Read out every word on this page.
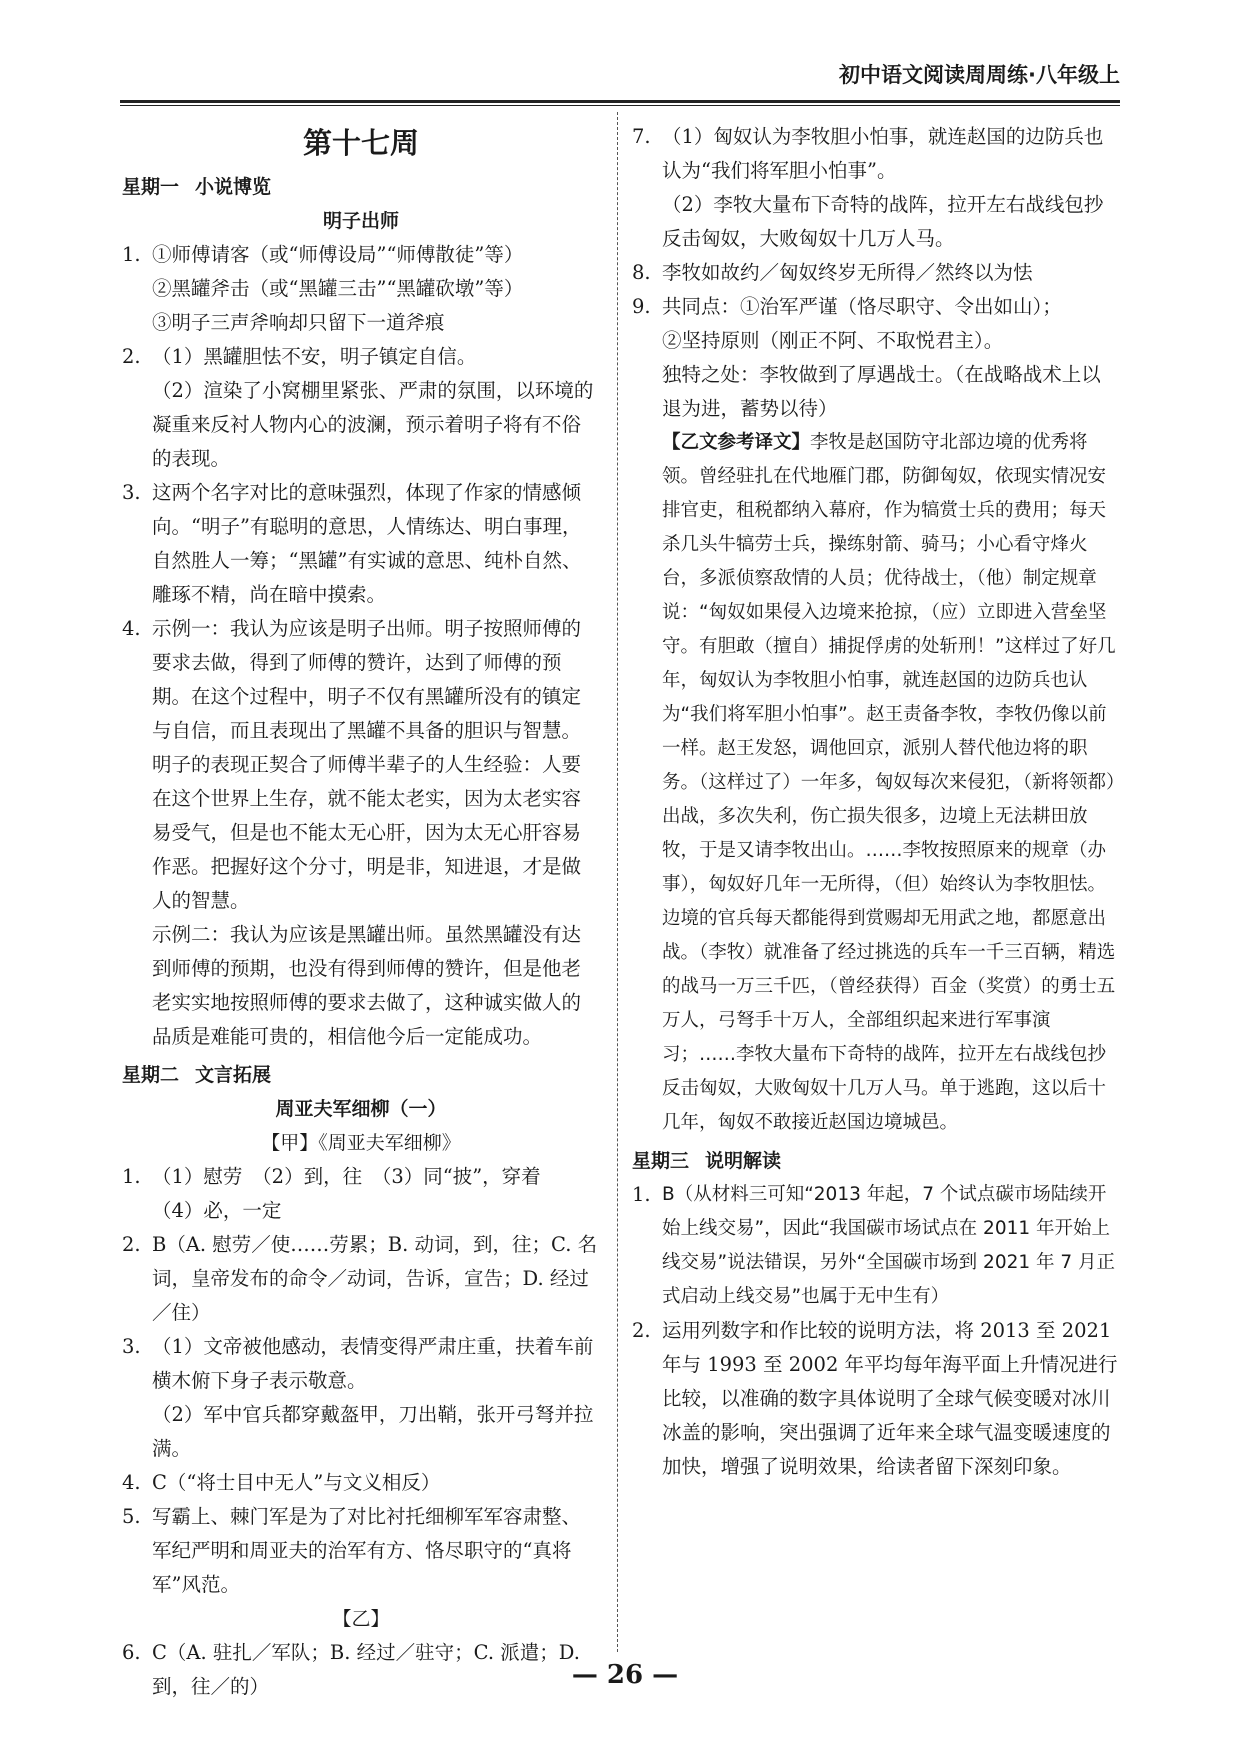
初中语文阅读周周练·八年级上
第十七周
星期一 小说博览
明子出师
1. ①师傅请客（或“师傅设局”“师傅散徒”等）
②黑罐斧击（或“黑罐三击”“黑罐砍墩”等）
③明子三声斧响却只留下一道斧痕
2. （1）黑罐胆怯不安，明子镇定自信。
（2）渲染了小窝棚里紧张、严肃的氛围，以环境的凝重来反衬人物内心的波澜，预示着明子将有不俗的表现。
3. 这两个名字对比的意味强烈，体现了作家的情感倾向。“明子”有聪明的意思，人情练达、明白事理，自然胜人一筹；“黑罐”有实诚的意思、纯朴自然、雕琢不精，尚在暗中摸索。
4. 示例一：我认为应该是明子出师。明子按照师傅的要求去做，得到了师傅的赞许，达到了师傅的预期。在这个过程中，明子不仅有黑罐所没有的镇定与自信，而且表现出了黑罐不具备的胆识与智慧。明子的表现正契合了师傅半辈子的人生经验：人要在这个世界上生存，就不能太老实，因为太老实容易受气，但是也不能太无心肝，因为太无心肝容易作恶。把握好这个分寸，明是非，知进退，才是做人的智慧。
示例二：我认为应该是黑罐出师。虽然黑罐没有达到师傅的预期，也没有得到师傅的赞许，但是他老老实实地按照师傅的要求去做了，这种诚实做人的品质是难能可贵的，相信他今后一定能成功。
星期二 文言拓展
周亚夫军细柳（一）
【甲】《周亚夫军细柳》
1. （1）慰劳　（2）到，往　（3）同“披”，穿着
（4）必，一定
2. B（A. 慰劳／使……劳累；B. 动词，到，往；C. 名词，皇帝发布的命令／动词，告诉，宣告；D. 经过／住）
3. （1）文帝被他感动，表情变得严肃庄重，扶着车前横木俯下身子表示敬意。
（2）军中官兵都穿戴盔甲，刀出鞘，张开弓弩并拉满。
4. C（“将士目中无人”与文义相反）
5. 写霸上、棘门军是为了对比衬托细柳军军容肃整、军纪严明和周亚夫的治军有方、恪尽职守的“真将军”风范。
【乙】
6. C（A. 驻扎／军队；B. 经过／驻守；C. 派遣；D. 到，往／的）
7. （1）匈奴认为李牧胆小怕事，就连赵国的边防兵也认为“我们将军胆小怕事”。
（2）李牧大量布下奇特的战阵，拉开左右战线包抄反击匈奴，大败匈奴十几万人马。
8. 李牧如故约／匈奴终岁无所得／然终以为怯
9. 共同点：①治军严谨（恪尽职守、令出如山）；
②坚持原则（刚正不阿、不取悦君主）。
独特之处：李牧做到了厚遇战士。（在战略战术上以退为进，蓄势以待）
【乙文参考译文】李牧是赵国防守北部边境的优秀将领。曾经驻扎在代地雁门郡，防御匈奴，依现实情况安排官吏，租税都纳入幕府，作为犒赏士兵的费用；每天杀几头牛犒劳士兵，操练射箭、骑马；小心看守烽火台，多派侦察敌情的人员；优待战士，（他）制定规章说：“匈奴如果侵入边境来抢掠，（应）立即进入营垒坚守。有胆敢（擅自）捕捉俘虏的处斩刑！”这样过了好几年，匈奴认为李牧胆小怕事，就连赵国的边防兵也认为“我们将军胆小怕事”。赵王责备李牧，李牧仍像以前一样。赵王发怒，调他回京，派别人替代他边将的职务。（这样过了）一年多，匈奴每次来侵犯，（新将领都）出战，多次失利，伤亡损失很多，边境上无法耕田放牧，于是又请李牧出山。……李牧按照原来的规章（办事），匈奴好几年一无所得，（但）始终认为李牧胆怯。边境的官兵每天都能得到赏赐却无用武之地，都愿意出战。（李牧）就准备了经过挑选的兵车一千三百辆，精选的战马一万三千匹，（曾经获得）百金（奖赏）的勇士五万人，弓弩手十万人，全部组织起来进行军事演习；……李牧大量布下奇特的战阵，拉开左右战线包抄反击匈奴，大败匈奴十几万人马。单于逃跑，这以后十几年，匈奴不敢接近赵国边境城邑。
星期三 说明解读
1. B（从材料三可知“2013 年起，7 个试点碳市场陆续开始上线交易”，因此“我国碳市场试点在 2011 年开始上线交易”说法错误，另外“全国碳市场到 2021 年 7 月正式启动上线交易”也属于无中生有）
2. 运用列数字和作比较的说明方法，将 2013 至 2021 年与 1993 至 2002 年平均每年海平面上升情况进行比较，以准确的数字具体说明了全球气候变暖对冰川冰盖的影响，突出强调了近年来全球气温变暖速度的加快，增强了说明效果，给读者留下深刻印象。
— 26 —
